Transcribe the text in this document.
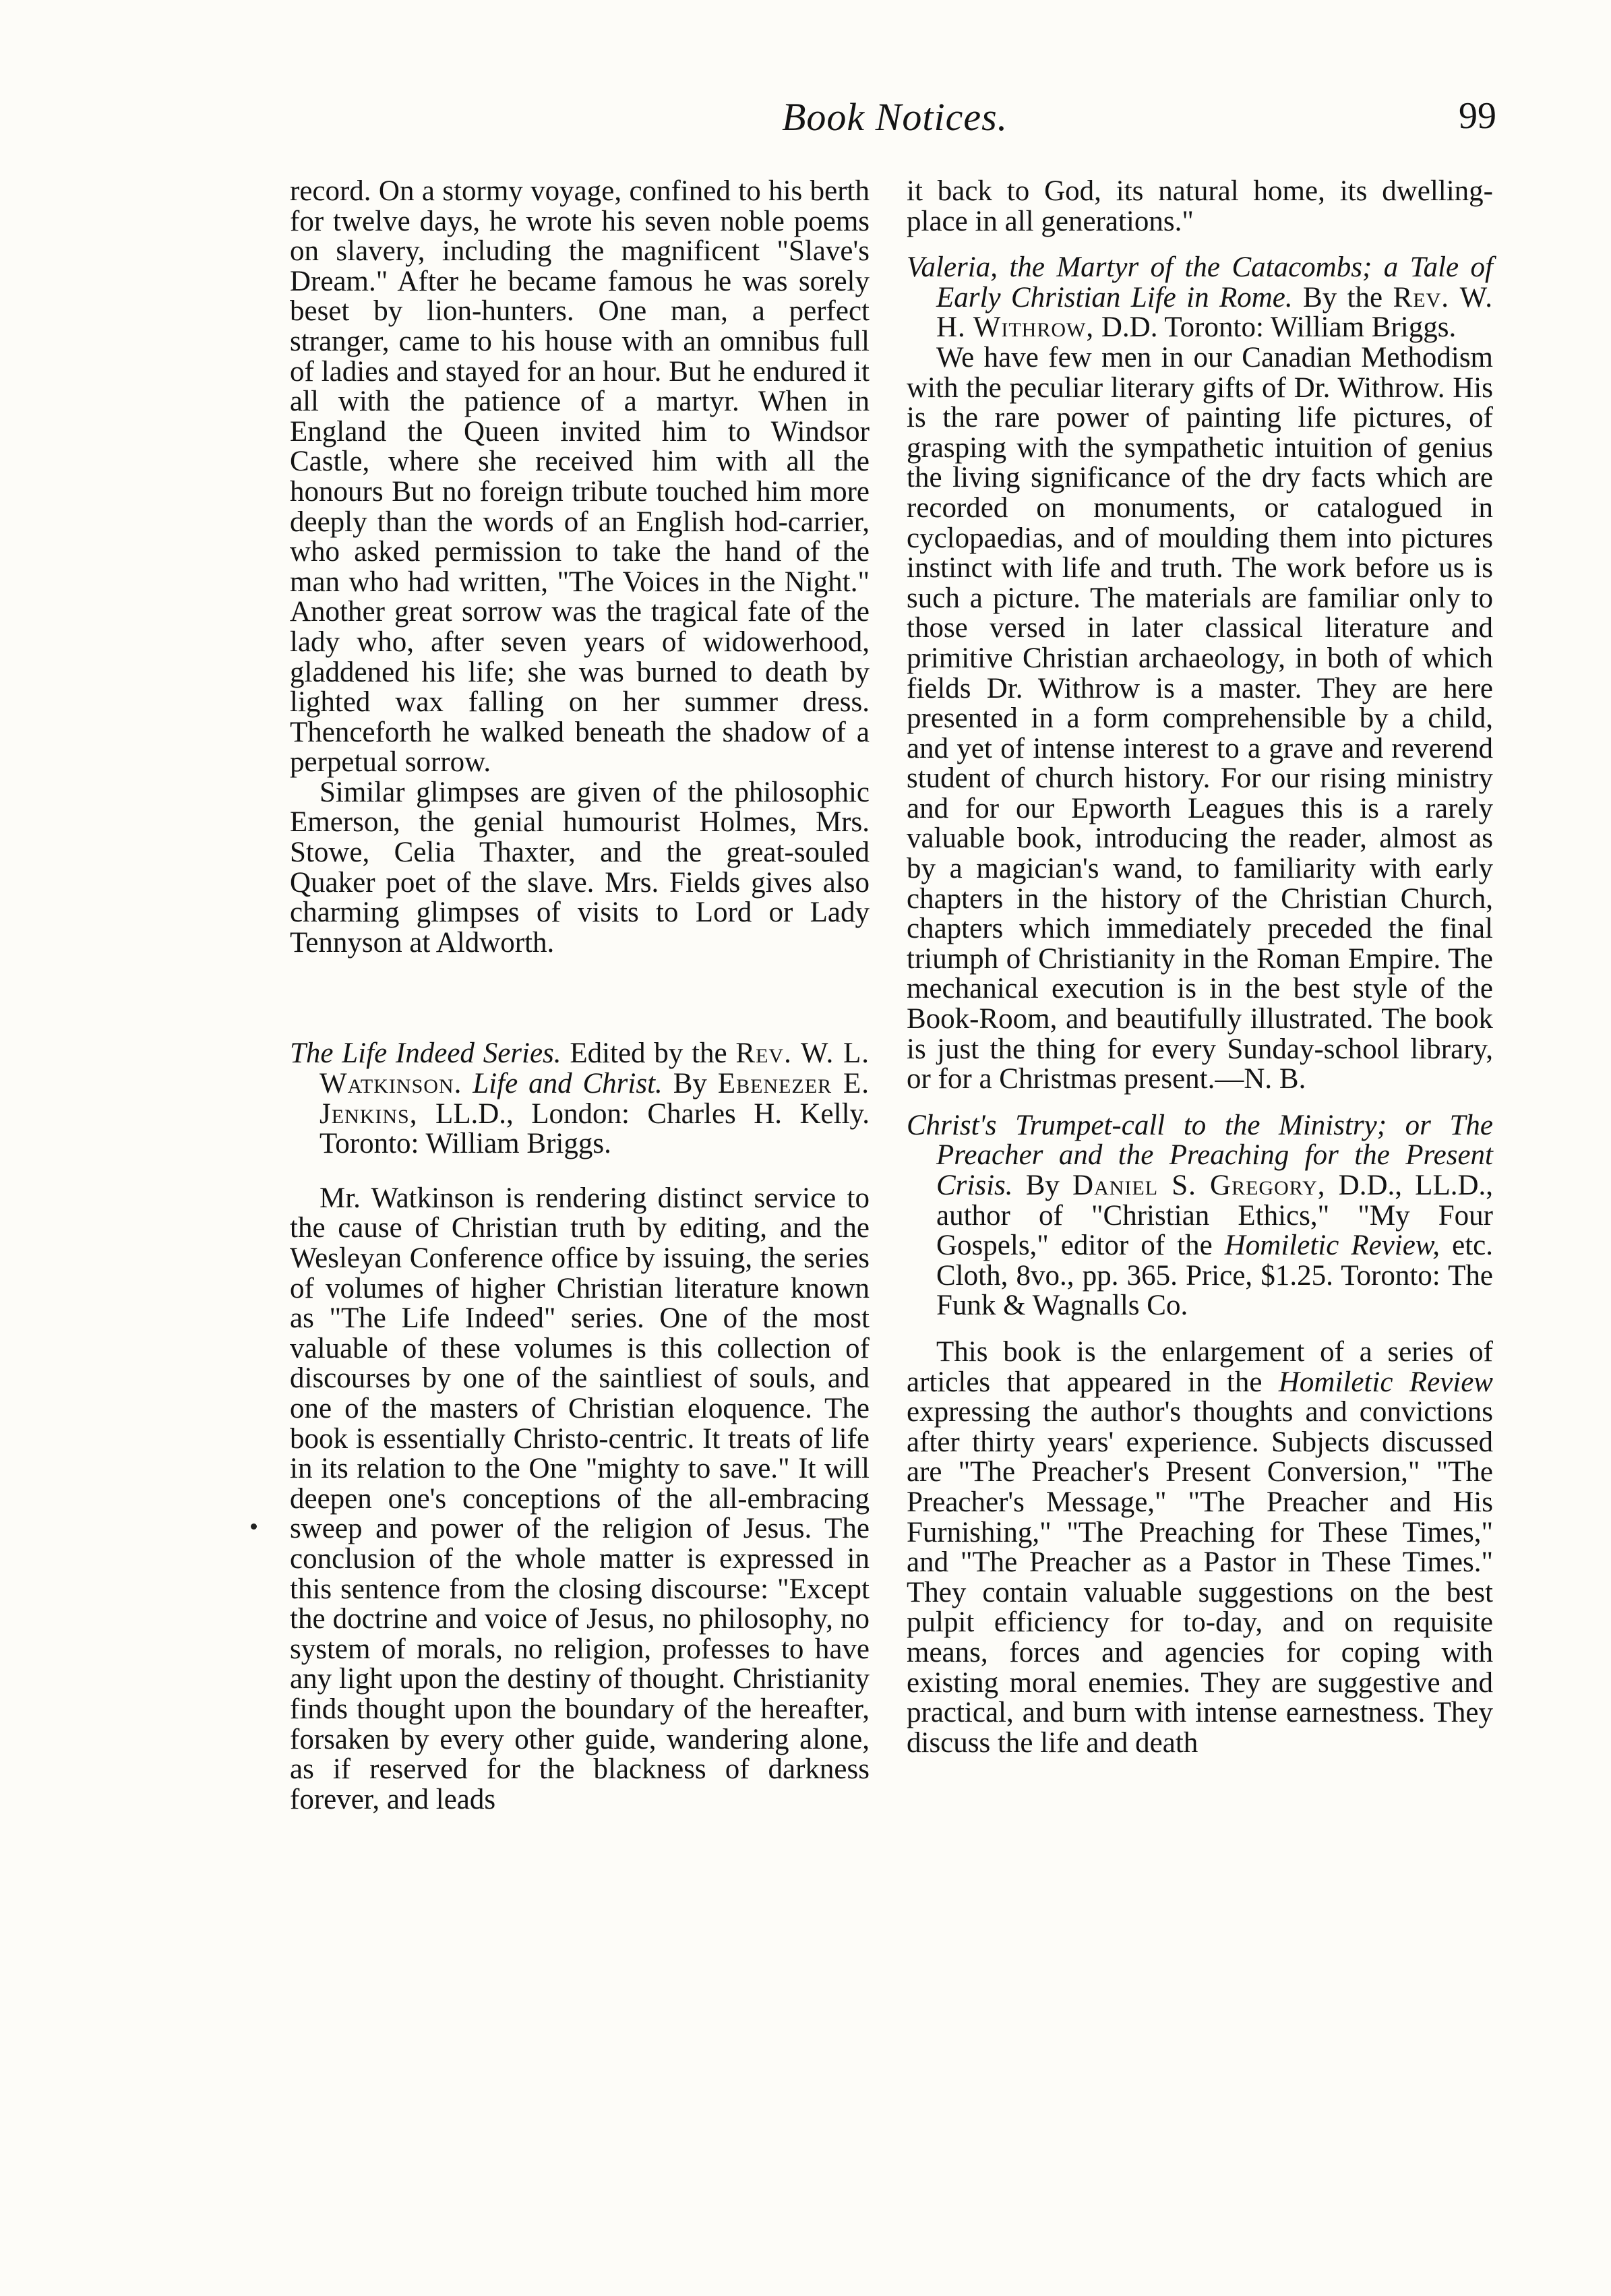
Book Notices.	99

record. On a stormy voyage, confined to his berth for twelve days, he wrote his seven noble poems on slavery, including the magnificent "Slave's Dream." After he became famous he was sorely beset by lion-hunters. One man, a perfect stranger, came to his house with an omnibus full of ladies and stayed for an hour. But he endured it all with the patience of a martyr. When in England the Queen invited him to Windsor Castle, where she received him with all the honours But no foreign tribute touched him more deeply than the words of an English hod-carrier, who asked permission to take the hand of the man who had written, "The Voices in the Night." Another great sorrow was the tragical fate of the lady who, after seven years of widowerhood, gladdened his life; she was burned to death by lighted wax falling on her summer dress. Thenceforth he walked beneath the shadow of a perpetual sorrow.

Similar glimpses are given of the philosophic Emerson, the genial humourist Holmes, Mrs. Stowe, Celia Thaxter, and the great-souled Quaker poet of the slave. Mrs. Fields gives also charming glimpses of visits to Lord or Lady Tennyson at Aldworth.

The Life Indeed Series. Edited by the Rev. W. L. Watkinson. Life and Christ. By Ebenezer E. Jenkins, LL.D., London: Charles H. Kelly. Toronto: William Briggs.

Mr. Watkinson is rendering distinct service to the cause of Christian truth by editing, and the Wesleyan Conference office by issuing, the series of volumes of higher Christian literature known as "The Life Indeed" series. One of the most valuable of these volumes is this collection of discourses by one of the saintliest of souls, and one of the masters of Christian eloquence. The book is essentially Christo-centric. It treats of life in its relation to the One "mighty to save." It will deepen one's conceptions of the all-embracing sweep and power of the religion of Jesus. The conclusion of the whole matter is expressed in this sentence from the closing discourse: "Except the doctrine and voice of Jesus, no philosophy, no system of morals, no religion, professes to have any light upon the destiny of thought. Christianity finds thought upon the boundary of the hereafter, forsaken by every other guide, wandering alone, as if reserved for the blackness of darkness forever, and leads

it back to God, its natural home, its dwelling-place in all generations."

Valeria, the Martyr of the Catacombs; a Tale of Early Christian Life in Rome. By the Rev. W. H. Withrow, D.D. Toronto: William Briggs.

We have few men in our Canadian Methodism with the peculiar literary gifts of Dr. Withrow. His is the rare power of painting life pictures, of grasping with the sympathetic intuition of genius the living significance of the dry facts which are recorded on monuments, or catalogued in cyclopaedias, and of moulding them into pictures instinct with life and truth. The work before us is such a picture. The materials are familiar only to those versed in later classical literature and primitive Christian archaeology, in both of which fields Dr. Withrow is a master. They are here presented in a form comprehensible by a child, and yet of intense interest to a grave and reverend student of church history. For our rising ministry and for our Epworth Leagues this is a rarely valuable book, introducing the reader, almost as by a magician's wand, to familiarity with early chapters in the history of the Christian Church, chapters which immediately preceded the final triumph of Christianity in the Roman Empire. The mechanical execution is in the best style of the Book-Room, and beautifully illustrated. The book is just the thing for every Sunday-school library, or for a Christmas present.—N. B.

Christ's Trumpet-call to the Ministry; or The Preacher and the Preaching for the Present Crisis. By Daniel S. Gregory, D.D., LL.D., author of "Christian Ethics," "My Four Gospels," editor of the Homiletic Review, etc. Cloth, 8vo., pp. 365. Price, $1.25. Toronto: The Funk & Wagnalls Co.

This book is the enlargement of a series of articles that appeared in the Homiletic Review expressing the author's thoughts and convictions after thirty years' experience. Subjects discussed are "The Preacher's Present Conversion," "The Preacher's Message," "The Preacher and His Furnishing," "The Preaching for These Times," and "The Preacher as a Pastor in These Times." They contain valuable suggestions on the best pulpit efficiency for to-day, and on requisite means, forces and agencies for coping with existing moral enemies. They are suggestive and practical, and burn with intense earnestness. They discuss the life and death
